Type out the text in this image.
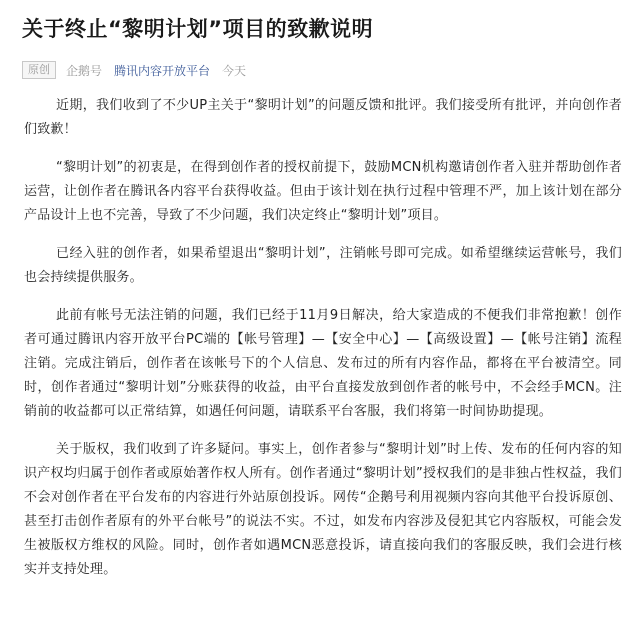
关于终止“黎明计划”项目的致歉说明
原创	企鹅号 腾讯内容开放平台 今天

近期，我们收到了不少UP主关于“黎明计划”的问题反馈和批评。我们接受所有批评，并向创作者们致歉！

“黎明计划”的初衷是，在得到创作者的授权前提下，鼓励MCN机构邀请创作者入驻并帮助创作者运营，让创作者在腾讯各内容平台获得收益。但由于该计划在执行过程中管理不严，加上该计划在部分产品设计上也不完善，导致了不少问题，我们决定终止“黎明计划”项目。

已经入驻的创作者，如果希望退出“黎明计划”，注销帐号即可完成。如希望继续运营帐号，我们也会持续提供服务。

此前有帐号无法注销的问题，我们已经于11月9日解决，给大家造成的不便我们非常抱歉！创作者可通过腾讯内容开放平台PC端的【帐号管理】—【安全中心】—【高级设置】—【帐号注销】流程注销。完成注销后，创作者在该帐号下的个人信息、发布过的所有内容作品，都将在平台被清空。同时，创作者通过“黎明计划”分账获得的收益，由平台直接发放到创作者的帐号中，不会经手MCN。注销前的收益都可以正常结算，如遇任何问题，请联系平台客服，我们将第一时间协助提现。

关于版权，我们收到了许多疑问。事实上，创作者参与“黎明计划”时上传、发布的任何内容的知识产权均归属于创作者或原始著作权人所有。创作者通过“黎明计划”授权我们的是非独占性权益，我们不会对创作者在平台发布的内容进行外站原创投诉。网传“企鹅号利用视频内容向其他平台投诉原创、甚至打击创作者原有的外平台帐号”的说法不实。不过，如发布内容涉及侵犯其它内容版权，可能会发生被版权方维权的风险。同时，创作者如遇MCN恶意投诉，请直接向我们的客服反映，我们会进行核实并支持处理。
